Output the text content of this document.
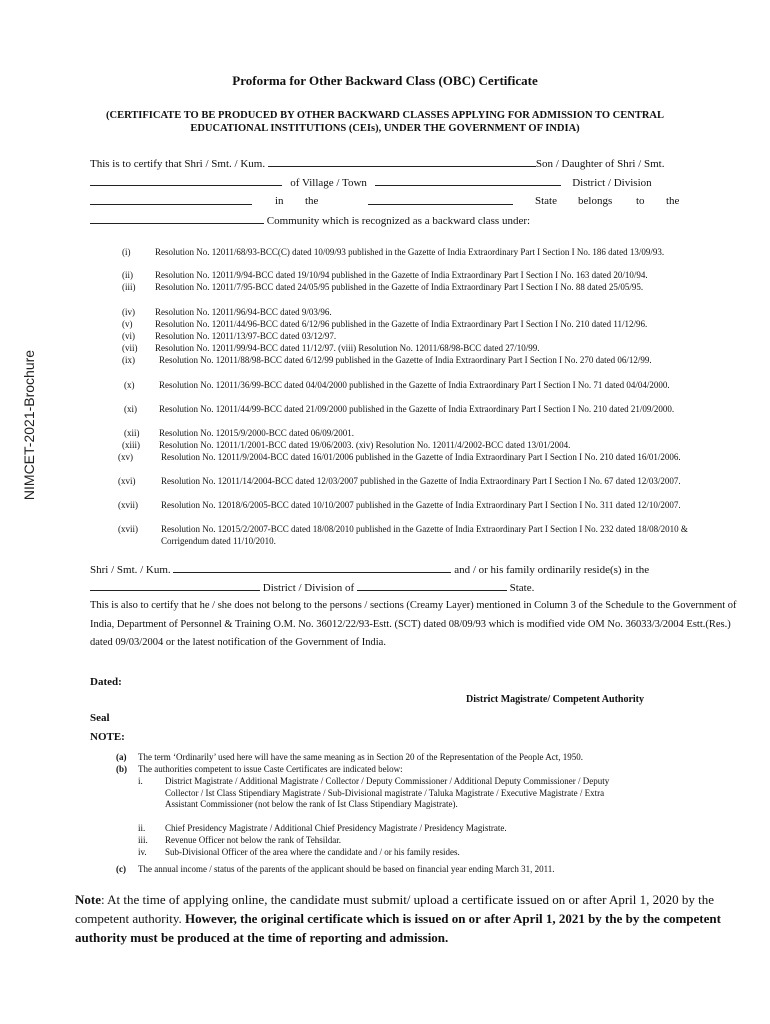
NIMCET-2021-Brochure
Proforma for Other Backward Class (OBC) Certificate
(CERTIFICATE TO BE PRODUCED BY OTHER BACKWARD CLASSES APPLYING FOR ADMISSION TO CENTRAL EDUCATIONAL INSTITUTIONS (CEIs), UNDER THE GOVERNMENT OF INDIA)
This is to certify that Shri / Smt. / Kum.	Son / Daughter of Shri / Smt.
of Village / Town	District / Division
in the	State belongs to the
Community which is recognized as a backward class under:
(i)	Resolution No. 12011/68/93-BCC(C) dated 10/09/93 published in the Gazette of India Extraordinary Part I Section I No. 186 dated 13/09/93.
(ii)	Resolution No. 12011/9/94-BCC dated 19/10/94 published in the Gazette of India Extraordinary Part I Section I No. 163 dated 20/10/94.
(iii)	Resolution No. 12011/7/95-BCC dated 24/05/95 published in the Gazette of India Extraordinary Part I Section I No. 88 dated 25/05/95.
(iv)	Resolution No. 12011/96/94-BCC dated 9/03/96.
(v)	Resolution No. 12011/44/96-BCC dated 6/12/96 published in the Gazette of India Extraordinary Part I Section I No. 210 dated 11/12/96.
(vi)	Resolution No. 12011/13/97-BCC dated 03/12/97.
(vii)	Resolution No. 12011/99/94-BCC dated 11/12/97. (viii) Resolution No. 12011/68/98-BCC dated 27/10/99.
(ix)	Resolution No. 12011/88/98-BCC dated 6/12/99 published in the Gazette of India Extraordinary Part I Section I No. 270 dated 06/12/99.
(x)	Resolution No. 12011/36/99-BCC dated 04/04/2000 published in the Gazette of India Extraordinary Part I Section I No. 71 dated 04/04/2000.
(xi)	Resolution No. 12011/44/99-BCC dated 21/09/2000 published in the Gazette of India Extraordinary Part I Section I No. 210 dated 21/09/2000.
(xii)	Resolution No. 12015/9/2000-BCC dated 06/09/2001.
(xiii)	Resolution No. 12011/1/2001-BCC dated 19/06/2003. (xiv) Resolution No. 12011/4/2002-BCC dated 13/01/2004.
(xv)	Resolution No. 12011/9/2004-BCC dated 16/01/2006 published in the Gazette of India Extraordinary Part I Section I No. 210 dated 16/01/2006.
(xvi)	Resolution No. 12011/14/2004-BCC dated 12/03/2007 published in the Gazette of India Extraordinary Part I Section I No. 67 dated 12/03/2007.
(xvii)	Resolution No. 12018/6/2005-BCC dated 10/10/2007 published in the Gazette of India Extraordinary Part I Section I No. 311 dated 12/10/2007.
(xvii)	Resolution No. 12015/2/2007-BCC dated 18/08/2010 published in the Gazette of India Extraordinary Part I Section I No. 232 dated 18/08/2010 & Corrigendum dated 11/10/2010.
Shri / Smt. / Kum.	and / or his family ordinarily reside(s) in the
District / Division of	State.
This is also to certify that he / she does not belong to the persons / sections (Creamy Layer) mentioned in Column 3 of the Schedule to the Government of India, Department of Personnel & Training O.M. No. 36012/22/93-Estt. (SCT) dated 08/09/93 which is modified vide OM No. 36033/3/2004 Estt.(Res.) dated 09/03/2004 or the latest notification of the Government of India.
Dated:
District Magistrate/ Competent Authority
Seal
NOTE:
(a) The term ‘Ordinarily’ used here will have the same meaning as in Section 20 of the Representation of the People Act, 1950.
(b) The authorities competent to issue Caste Certificates are indicated below:
i. District Magistrate / Additional Magistrate / Collector / Deputy Commissioner / Additional Deputy Commissioner / Deputy Collector / Ist Class Stipendiary Magistrate / Sub-Divisional magistrate / Taluka Magistrate / Executive Magistrate / Extra Assistant Commissioner (not below the rank of Ist Class Stipendiary Magistrate).
ii. Chief Presidency Magistrate / Additional Chief Presidency Magistrate / Presidency Magistrate.
iii. Revenue Officer not below the rank of Tehsildar.
iv. Sub-Divisional Officer of the area where the candidate and / or his family resides.
(c) The annual income / status of the parents of the applicant should be based on financial year ending March 31, 2011.
Note: At the time of applying online, the candidate must submit/ upload a certificate issued on or after April 1, 2020 by the competent authority. However, the original certificate which is issued on or after April 1, 2021 by the by the competent authority must be produced at the time of reporting and admission.
